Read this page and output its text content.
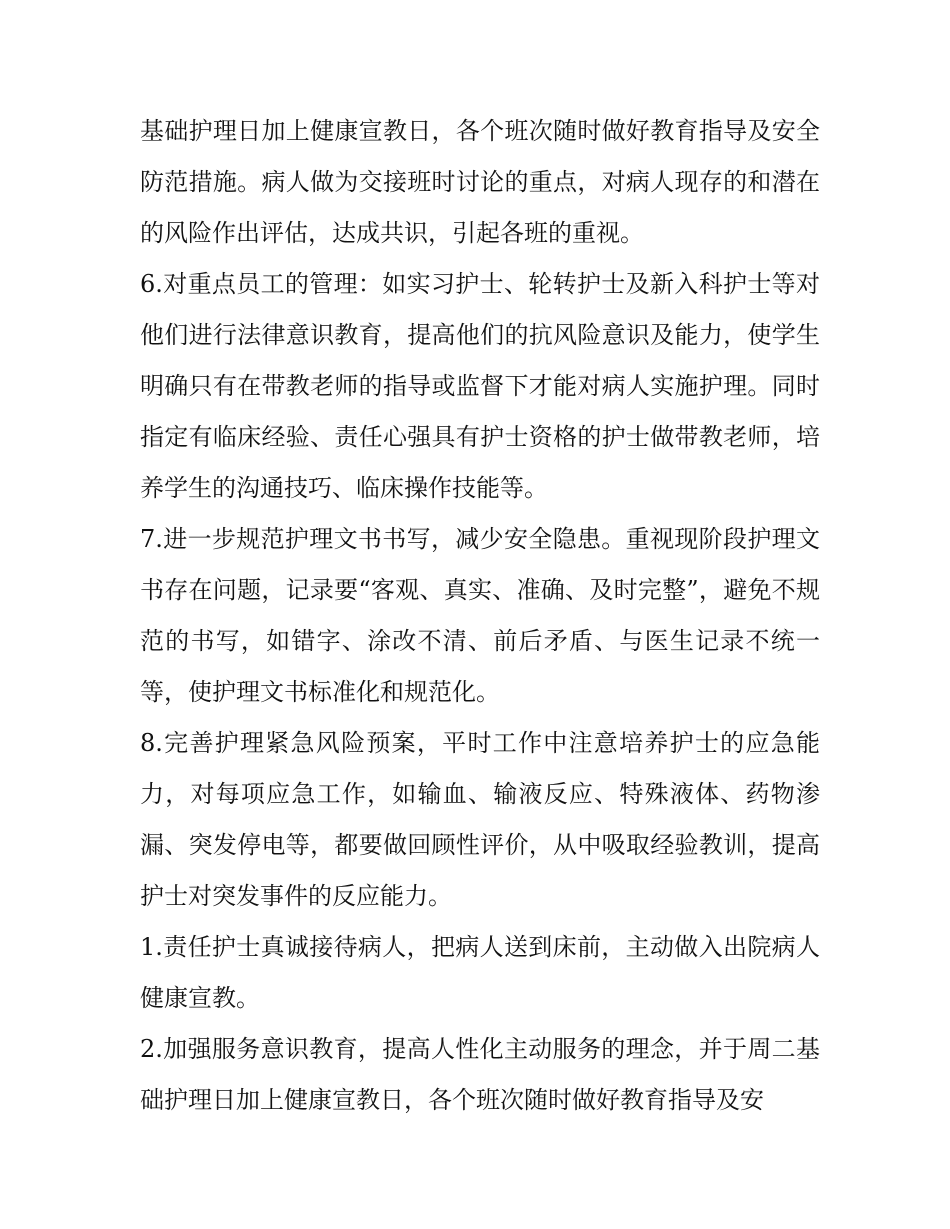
基础护理日加上健康宣教日，各个班次随时做好教育指导及安全防范措施。病人做为交接班时讨论的重点，对病人现存的和潜在的风险作出评估，达成共识，引起各班的重视。

6.对重点员工的管理：如实习护士、轮转护士及新入科护士等对他们进行法律意识教育，提高他们的抗风险意识及能力，使学生明确只有在带教老师的指导或监督下才能对病人实施护理。同时指定有临床经验、责任心强具有护士资格的护士做带教老师，培养学生的沟通技巧、临床操作技能等。

7.进一步规范护理文书书写，减少安全隐患。重视现阶段护理文书存在问题，记录要“客观、真实、准确、及时完整”，避免不规范的书写，如错字、涂改不清、前后矛盾、与医生记录不统一等，使护理文书标准化和规范化。

8.完善护理紧急风险预案，平时工作中注意培养护士的应急能力，对每项应急工作，如输血、输液反应、特殊液体、药物渗漏、突发停电等，都要做回顾性评价，从中吸取经验教训，提高护士对突发事件的反应能力。

1.责任护士真诚接待病人，把病人送到床前，主动做入出院病人健康宣教。

2.加强服务意识教育，提高人性化主动服务的理念，并于周二基础护理日加上健康宣教日，各个班次随时做好教育指导及安
